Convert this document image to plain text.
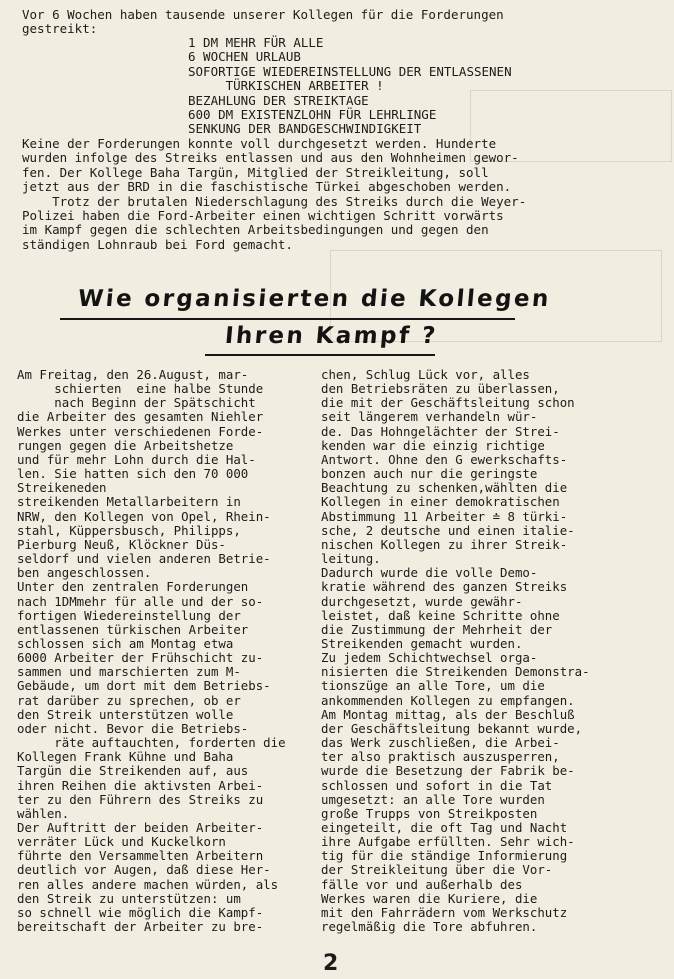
Vor 6 Wochen haben tausende unserer Kollegen für die Forderungen
gestreikt:
1 DM MEHR FÜR ALLE
6 WOCHEN URLAUB
SOFORTIGE WIEDEREINSTELLUNG DER ENTLASSENEN
TÜRKISCHEN ARBEITER !
BEZAHLUNG DER STREIKTAGE
600 DM EXISTENZLOHN FÜR LEHRLINGE
SENKUNG DER BANDGESCHWINDIGKEIT
Keine der Forderungen konnte voll durchgesetzt werden. Hunderte
wurden infolge des Streiks entlassen und aus den Wohnheimen gewor-
fen. Der Kollege Baha Targün, Mitglied der Streikleitung, soll
jetzt aus der BRD in die faschistische Türkei abgeschoben werden.
Trotz der brutalen Niederschlagung des Streiks durch die Weyer-
Polizei haben die Ford-Arbeiter einen wichtigen Schritt vorwärts
im Kampf gegen die schlechten Arbeitsbedingungen und gegen den
ständigen Lohnraub bei Ford gemacht.
Wie organisierten die Kollegen
Ihren Kampf ?
Am Freitag, den 26.August, mar-
schierten  eine halbe Stunde
nach Beginn der Spätschicht
die Arbeiter des gesamten Niehler
Werkes unter verschiedenen Forde-
rungen gegen die Arbeitshetze
und für mehr Lohn durch die Hal-
len. Sie hatten sich den 70 000
Streikeneden
streikenden Metallarbeitern in
NRW, den Kollegen von Opel, Rhein-
stahl, Küppersbusch, Philipps,
Pierburg Neuß, Klöckner Düs-
seldorf und vielen anderen Betrie-
ben angeschlossen.
Unter den zentralen Forderungen
nach 1DMmehr für alle und der so-
fortigen Wiedereinstellung der
entlassenen türkischen Arbeiter
schlossen sich am Montag etwa
6000 Arbeiter der Frühschicht zu-
sammen und marschierten zum M-
Gebäude, um dort mit dem Betriebs-
rat darüber zu sprechen, ob er
den Streik unterstützen wolle
oder nicht. Bevor die Betriebs-
räte auftauchten, forderten die
Kollegen Frank Kühne und Baha
Targün die Streikenden auf, aus
ihren Reihen die aktivsten Arbei-
ter zu den Führern des Streiks zu
wählen.
Der Auftritt der beiden Arbeiter-
verräter Lück und Kuckelkorn
führte den Versammelten Arbeitern
deutlich vor Augen, daß diese Her-
ren alles andere machen würden, als
den Streik zu unterstützen: um
so schnell wie möglich die Kampf-
bereitschaft der Arbeiter zu bre-
chen, Schlug Lück vor, alles
den Betriebsräten zu überlassen,
die mit der Geschäftsleitung schon
seit längerem verhandeln wür-
de. Das Hohngelächter der Strei-
kenden war die einzig richtige
Antwort. Ohne den G ewerkschafts-
bonzen auch nur die geringste
Beachtung zu schenken,wählten die
Kollegen in einer demokratischen
Abstimmung 11 Arbeiter ≐ 8 türki-
sche, 2 deutsche und einen italie-
nischen Kollegen zu ihrer Streik-
leitung.
Dadurch wurde die volle Demo-
kratie während des ganzen Streiks
durchgesetzt, wurde gewähr-
leistet, daß keine Schritte ohne
die Zustimmung der Mehrheit der
Streikenden gemacht wurden.
Zu jedem Schichtwechsel orga-
nisierten die Streikenden Demonstra-
tionszüge an alle Tore, um die
ankommenden Kollegen zu empfangen.
Am Montag mittag, als der Beschluß
der Geschäftsleitung bekannt wurde,
das Werk zuschließen, die Arbei-
ter also praktisch auszusperren,
wurde die Besetzung der Fabrik be-
schlossen und sofort in die Tat
umgesetzt: an alle Tore wurden
große Trupps von Streikposten
eingeteilt, die oft Tag und Nacht
ihre Aufgabe erfüllten. Sehr wich-
tig für die ständige Informierung
der Streikleitung über die Vor-
fälle vor und außerhalb des
Werkes waren die Kuriere, die
mit den Fahrrädern vom Werkschutz
regelmäßig die Tore abfuhren.
2
